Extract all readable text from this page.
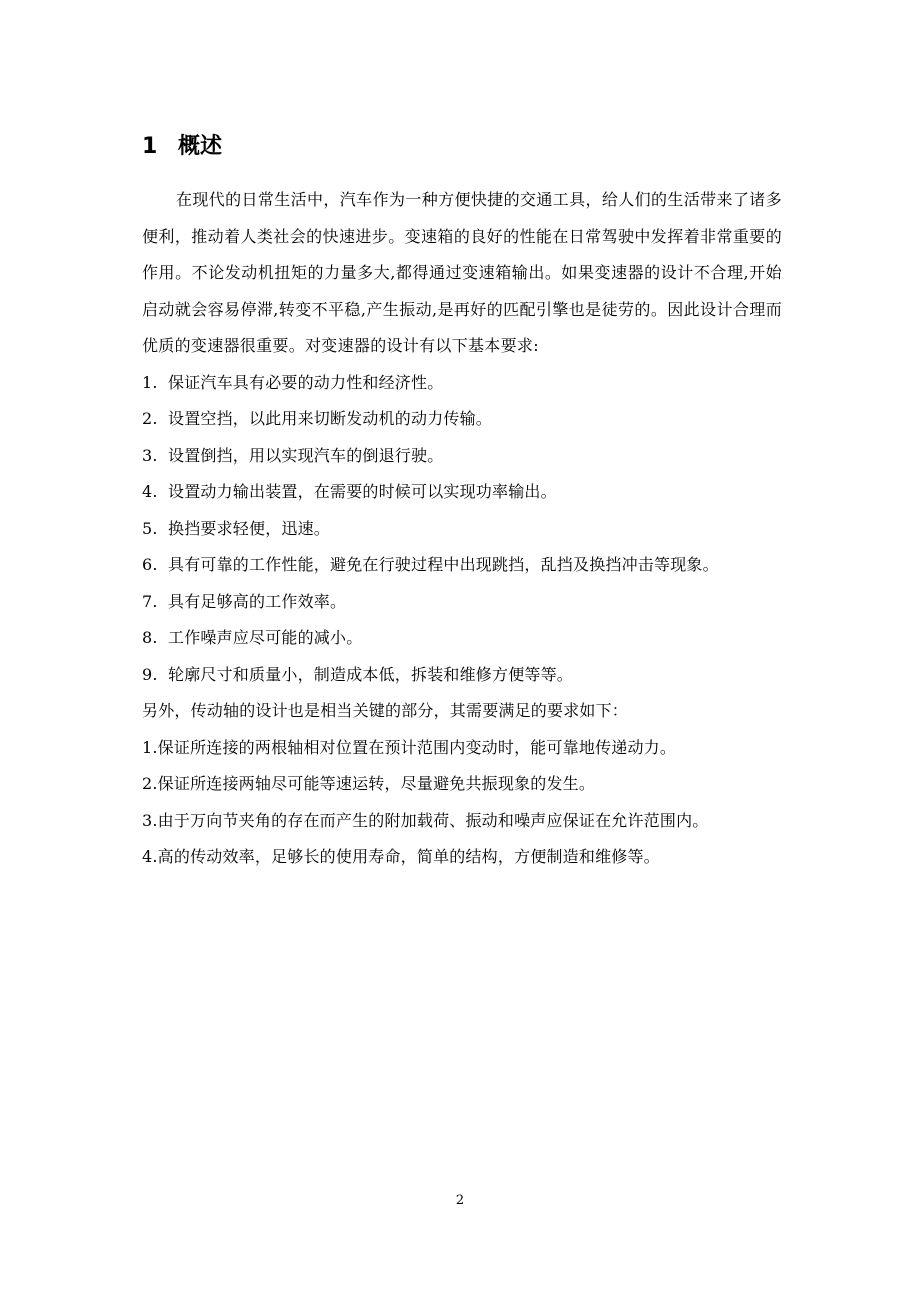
1 概述

在现代的日常生活中，汽车作为一种方便快捷的交通工具，给人们的生活带来了诸多便利，推动着人类社会的快速进步。变速箱的良好的性能在日常驾驶中发挥着非常重要的作用。不论发动机扭矩的力量多大,都得通过变速箱输出。如果变速器的设计不合理,开始启动就会容易停滞,转变不平稳,产生振动,是再好的匹配引擎也是徒劳的。因此设计合理而优质的变速器很重要。对变速器的设计有以下基本要求:

1. 保证汽车具有必要的动力性和经济性。

2. 设置空挡，以此用来切断发动机的动力传输。

3. 设置倒挡，用以实现汽车的倒退行驶。

4. 设置动力输出装置，在需要的时候可以实现功率输出。

5. 换挡要求轻便，迅速。

6. 具有可靠的工作性能，避免在行驶过程中出现跳挡，乱挡及换挡冲击等现象。

7. 具有足够高的工作效率。

8. 工作噪声应尽可能的减小。

9. 轮廓尺寸和质量小，制造成本低，拆装和维修方便等等。

另外，传动轴的设计也是相当关键的部分，其需要满足的要求如下：

1.保证所连接的两根轴相对位置在预计范围内变动时，能可靠地传递动力。

2.保证所连接两轴尽可能等速运转，尽量避免共振现象的发生。

3.由于万向节夹角的存在而产生的附加载荷、振动和噪声应保证在允许范围内。

4.高的传动效率，足够长的使用寿命，简单的结构，方便制造和维修等。

2
